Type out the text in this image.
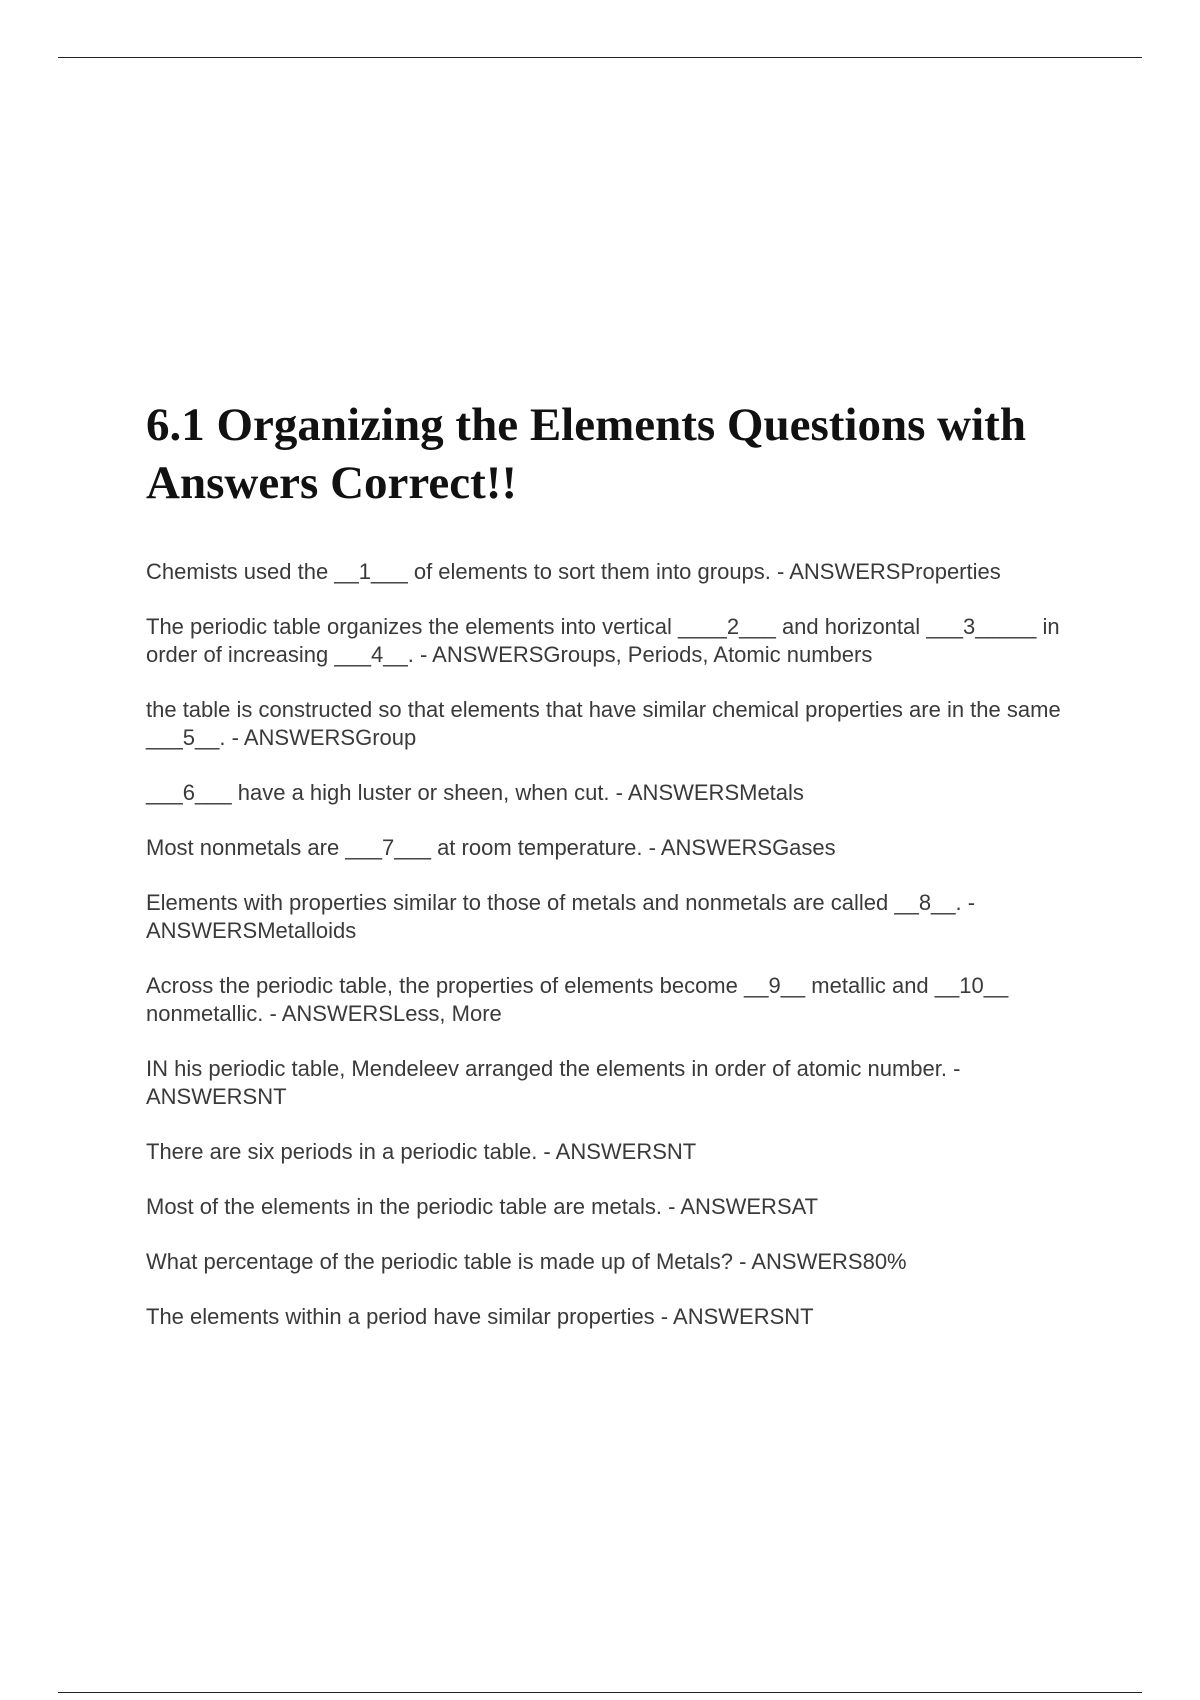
6.1 Organizing the Elements Questions with Answers Correct!!
Chemists used the __1___ of elements to sort them into groups. - ANSWERSProperties
The periodic table organizes the elements into vertical ____2___ and horizontal ___3_____ in order of increasing ___4__. - ANSWERSGroups, Periods, Atomic numbers
the table is constructed so that elements that have similar chemical properties are in the same ___5__. - ANSWERSGroup
___6___ have a high luster or sheen, when cut. - ANSWERSMetals
Most nonmetals are ___7___ at room temperature. - ANSWERSGases
Elements with properties similar to those of metals and nonmetals are called __8__. - ANSWERSMetalloids
Across the periodic table, the properties of elements become __9__ metallic and __10__ nonmetallic. - ANSWERSLess, More
IN his periodic table, Mendeleev arranged the elements in order of atomic number. - ANSWERSNT
There are six periods in a periodic table. - ANSWERSNT
Most of the elements in the periodic table are metals. - ANSWERSAT
What percentage of the periodic table is made up of Metals? - ANSWERS80%
The elements within a period have similar properties - ANSWERSNT
